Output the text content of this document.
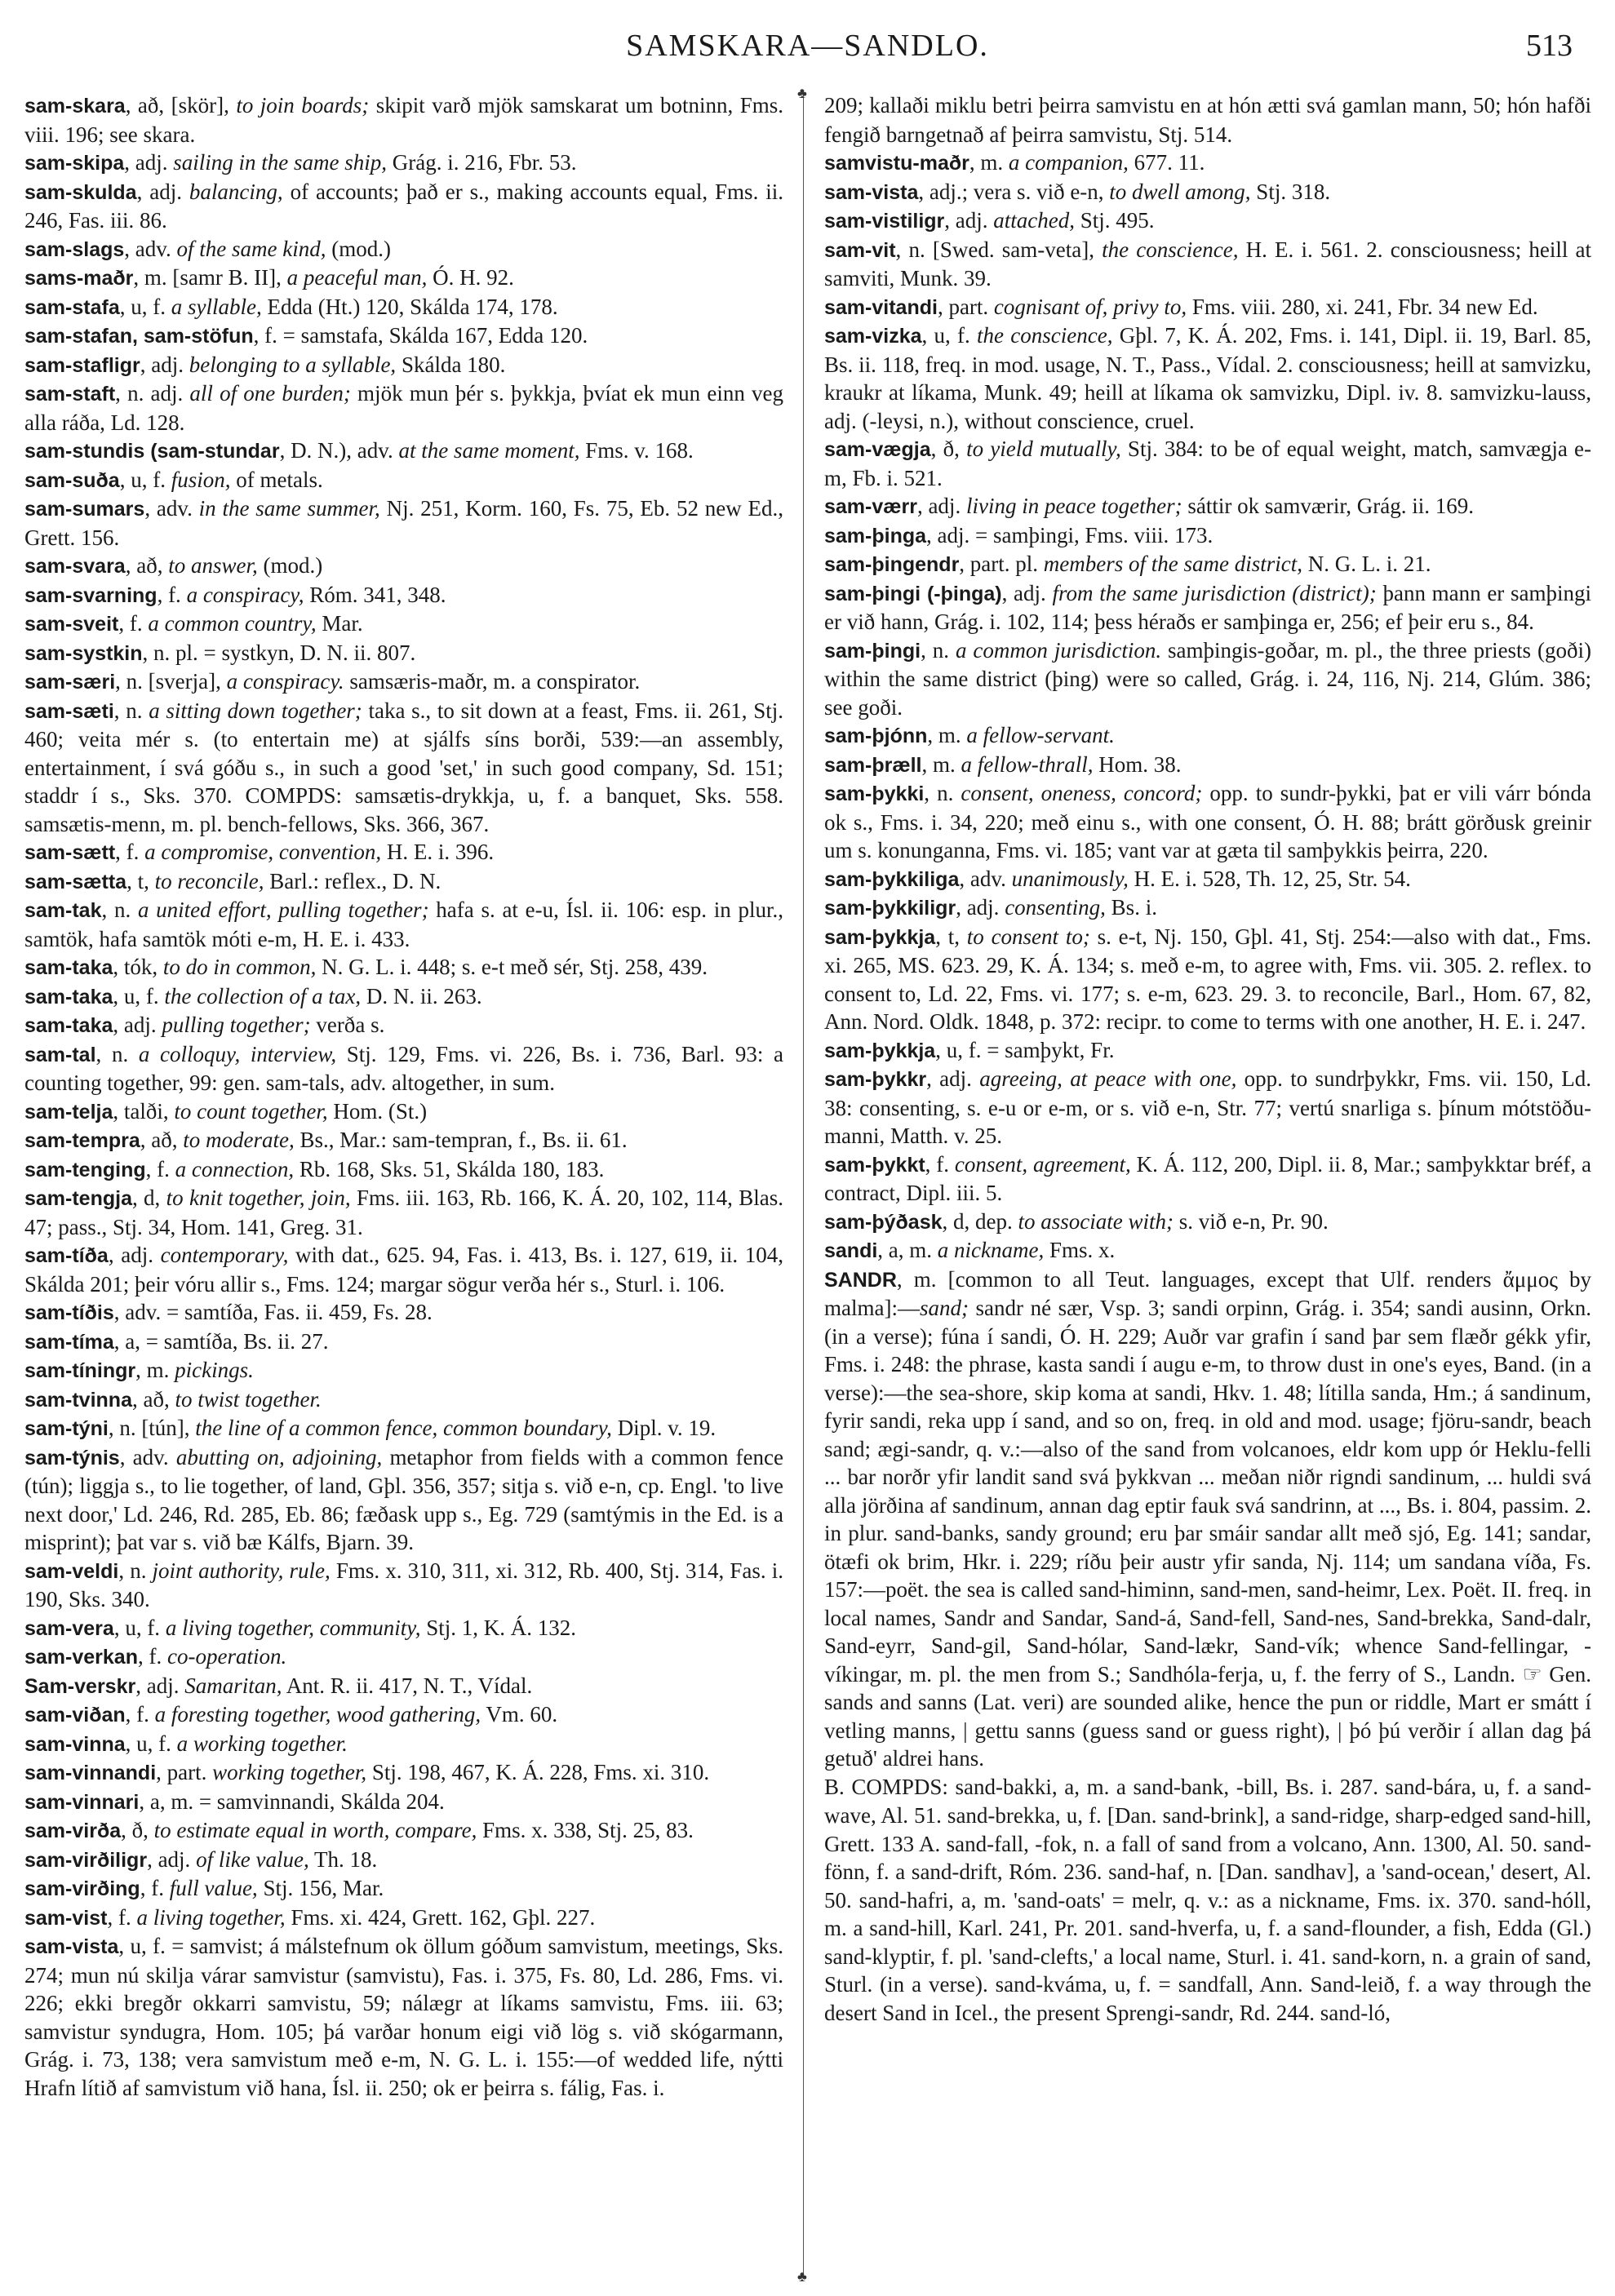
SAMSKARA—SANDLO.	513
♣
♣

sam-skara, að, [skör], to join boards; skipit varð mjök samskarat um botninn, Fms. viii. 196; see skara.

sam-skipa, adj. sailing in the same ship, Grág. i. 216, Fbr. 53.

sam-skulda, adj. balancing, of accounts; það er s., making accounts equal, Fms. ii. 246, Fas. iii. 86.

sam-slags, adv. of the same kind, (mod.)

sams-maðr, m. [samr B. II], a peaceful man, Ó. H. 92.

sam-stafa, u, f. a syllable, Edda (Ht.) 120, Skálda 174, 178.

sam-stafan, sam-stöfun, f. = samstafa, Skálda 167, Edda 120.

sam-stafligr, adj. belonging to a syllable, Skálda 180.

sam-staft, n. adj. all of one burden; mjök mun þér s. þykkja, þvíat ek mun einn veg alla ráða, Ld. 128.

sam-stundis (sam-stundar, D. N.), adv. at the same moment, Fms. v. 168.

sam-suða, u, f. fusion, of metals.

sam-sumars, adv. in the same summer, Nj. 251, Korm. 160, Fs. 75, Eb. 52 new Ed., Grett. 156.

sam-svara, að, to answer, (mod.)

sam-svarning, f. a conspiracy, Róm. 341, 348.

sam-sveit, f. a common country, Mar.

sam-systkin, n. pl. = systkyn, D. N. ii. 807.

sam-særi, n. [sverja], a conspiracy. samsæris-maðr, m. a conspirator.

sam-sæti, n. a sitting down together; taka s., to sit down at a feast, Fms. ii. 261, Stj. 460; veita mér s. (to entertain me) at sjálfs síns borði, 539:—an assembly, entertainment, í svá góðu s., in such a good 'set,' in such good company, Sd. 151; staddr í s., Sks. 370. COMPDS: samsætis-drykkja, u, f. a banquet, Sks. 558. samsætis-menn, m. pl. bench-fellows, Sks. 366, 367.

sam-sætt, f. a compromise, convention, H. E. i. 396.

sam-sætta, t, to reconcile, Barl.: reflex., D. N.

sam-tak, n. a united effort, pulling together; hafa s. at e-u, Ísl. ii. 106: esp. in plur., samtök, hafa samtök móti e-m, H. E. i. 433.

sam-taka, tók, to do in common, N. G. L. i. 448; s. e-t með sér, Stj. 258, 439.

sam-taka, u, f. the collection of a tax, D. N. ii. 263.

sam-taka, adj. pulling together; verða s.

sam-tal, n. a colloquy, interview, Stj. 129, Fms. vi. 226, Bs. i. 736, Barl. 93: a counting together, 99: gen. sam-tals, adv. altogether, in sum.

sam-telja, talði, to count together, Hom. (St.)

sam-tempra, að, to moderate, Bs., Mar.: sam-tempran, f., Bs. ii. 61.

sam-tenging, f. a connection, Rb. 168, Sks. 51, Skálda 180, 183.

sam-tengja, d, to knit together, join, Fms. iii. 163, Rb. 166, K. Á. 20, 102, 114, Blas. 47; pass., Stj. 34, Hom. 141, Greg. 31.

sam-tíða, adj. contemporary, with dat., 625. 94, Fas. i. 413, Bs. i. 127, 619, ii. 104, Skálda 201; þeir vóru allir s., Fms. 124; margar sögur verða hér s., Sturl. i. 106.

sam-tíðis, adv. = samtíða, Fas. ii. 459, Fs. 28.

sam-tíma, a, = samtíða, Bs. ii. 27.

sam-tíningr, m. pickings.

sam-tvinna, að, to twist together.

sam-týni, n. [tún], the line of a common fence, common boundary, Dipl. v. 19.

sam-týnis, adv. abutting on, adjoining, metaphor from fields with a common fence (tún); liggja s., to lie together, of land, Gþl. 356, 357; sitja s. við e-n, cp. Engl. 'to live next door,' Ld. 246, Rd. 285, Eb. 86; fæðask upp s., Eg. 729 (samtýmis in the Ed. is a misprint); þat var s. við bæ Kálfs, Bjarn. 39.

sam-veldi, n. joint authority, rule, Fms. x. 310, 311, xi. 312, Rb. 400, Stj. 314, Fas. i. 190, Sks. 340.

sam-vera, u, f. a living together, community, Stj. 1, K. Á. 132.

sam-verkan, f. co-operation.

Sam-verskr, adj. Samaritan, Ant. R. ii. 417, N. T., Vídal.

sam-viðan, f. a foresting together, wood gathering, Vm. 60.

sam-vinna, u, f. a working together.

sam-vinnandi, part. working together, Stj. 198, 467, K. Á. 228, Fms. xi. 310.

sam-vinnari, a, m. = samvinnandi, Skálda 204.

sam-virða, ð, to estimate equal in worth, compare, Fms. x. 338, Stj. 25, 83.

sam-virðiligr, adj. of like value, Th. 18.

sam-virðing, f. full value, Stj. 156, Mar.

sam-vist, f. a living together, Fms. xi. 424, Grett. 162, Gþl. 227.

sam-vista, u, f. = samvist; á málstefnum ok öllum góðum samvistum, meetings, Sks. 274; mun nú skilja várar samvistur (samvistu), Fas. i. 375, Fs. 80, Ld. 286, Fms. vi. 226; ekki bregðr okkarri samvistu, 59; nálægr at líkams samvistu, Fms. iii. 63; samvistur syndugra, Hom. 105; þá varðar honum eigi við lög s. við skógarmann, Grág. i. 73, 138; vera samvistum með e-m, N. G. L. i. 155:—of wedded life, nýtti Hrafn lítið af samvistum við hana, Ísl. ii. 250; ok er þeirra s. fálig, Fas. i.

209; kallaði miklu betri þeirra samvistu en at hón ætti svá gamlan mann, 50; hón hafði fengið barngetnað af þeirra samvistu, Stj. 514.

samvistu-maðr, m. a companion, 677. 11.

sam-vista, adj.; vera s. við e-n, to dwell among, Stj. 318.

sam-vistiligr, adj. attached, Stj. 495.

sam-vit, n. [Swed. sam-veta], the conscience, H. E. i. 561. 2. consciousness; heill at samviti, Munk. 39.

sam-vitandi, part. cognisant of, privy to, Fms. viii. 280, xi. 241, Fbr. 34 new Ed.

sam-vizka, u, f. the conscience, Gþl. 7, K. Á. 202, Fms. i. 141, Dipl. ii. 19, Barl. 85, Bs. ii. 118, freq. in mod. usage, N. T., Pass., Vídal. 2. consciousness; heill at samvizku, kraukr at líkama, Munk. 49; heill at líkama ok samvizku, Dipl. iv. 8. samvizku-lauss, adj. (-leysi, n.), without conscience, cruel.

sam-vægja, ð, to yield mutually, Stj. 384: to be of equal weight, match, samvægja e-m, Fb. i. 521.

sam-værr, adj. living in peace together; sáttir ok samværir, Grág. ii. 169.

sam-þinga, adj. = samþingi, Fms. viii. 173.

sam-þingendr, part. pl. members of the same district, N. G. L. i. 21.

sam-þingi (-þinga), adj. from the same jurisdiction (district); þann mann er samþingi er við hann, Grág. i. 102, 114; þess héraðs er samþinga er, 256; ef þeir eru s., 84.

sam-þingi, n. a common jurisdiction. samþingis-goðar, m. pl., the three priests (goði) within the same district (þing) were so called, Grág. i. 24, 116, Nj. 214, Glúm. 386; see goði.

sam-þjónn, m. a fellow-servant.

sam-þræll, m. a fellow-thrall, Hom. 38.

sam-þykki, n. consent, oneness, concord; opp. to sundr-þykki, þat er vili várr bónda ok s., Fms. i. 34, 220; með einu s., with one consent, Ó. H. 88; brátt görðusk greinir um s. konunganna, Fms. vi. 185; vant var at gæta til samþykkis þeirra, 220.

sam-þykkiliga, adv. unanimously, H. E. i. 528, Th. 12, 25, Str. 54.

sam-þykkiligr, adj. consenting, Bs. i.

sam-þykkja, t, to consent to; s. e-t, Nj. 150, Gþl. 41, Stj. 254:—also with dat., Fms. xi. 265, MS. 623. 29, K. Á. 134; s. með e-m, to agree with, Fms. vii. 305. 2. reflex. to consent to, Ld. 22, Fms. vi. 177; s. e-m, 623. 29. 3. to reconcile, Barl., Hom. 67, 82, Ann. Nord. Oldk. 1848, p. 372: recipr. to come to terms with one another, H. E. i. 247.

sam-þykkja, u, f. = samþykt, Fr.

sam-þykkr, adj. agreeing, at peace with one, opp. to sundrþykkr, Fms. vii. 150, Ld. 38: consenting, s. e-u or e-m, or s. við e-n, Str. 77; vertú snarliga s. þínum mótstöðu-manni, Matth. v. 25.

sam-þykkt, f. consent, agreement, K. Á. 112, 200, Dipl. ii. 8, Mar.; samþykktar bréf, a contract, Dipl. iii. 5.

sam-þýðask, d, dep. to associate with; s. við e-n, Pr. 90.

sandi, a, m. a nickname, Fms. x.

SANDR, m. [common to all Teut. languages, except that Ulf. renders ἄμμος by malma]:—sand; sandr né sær, Vsp. 3; sandi orpinn, Grág. i. 354; sandi ausinn, Orkn. (in a verse); fúna í sandi, Ó. H. 229; Auðr var grafin í sand þar sem flæðr gékk yfir, Fms. i. 248: the phrase, kasta sandi í augu e-m, to throw dust in one's eyes, Band. (in a verse):—the sea-shore, skip koma at sandi, Hkv. 1. 48; lítilla sanda, Hm.; á sandinum, fyrir sandi, reka upp í sand, and so on, freq. in old and mod. usage; fjöru-sandr, beach sand; ægi-sandr, q. v.:—also of the sand from volcanoes, eldr kom upp ór Heklu-felli ... bar norðr yfir landit sand svá þykkvan ... meðan niðr rigndi sandinum, ... huldi svá alla jörðina af sandinum, annan dag eptir fauk svá sandrinn, at ..., Bs. i. 804, passim. 2. in plur. sand-banks, sandy ground; eru þar smáir sandar allt með sjó, Eg. 141; sandar, ötæfi ok brim, Hkr. i. 229; ríðu þeir austr yfir sanda, Nj. 114; um sandana víða, Fs. 157:—poët. the sea is called sand-himinn, sand-men, sand-heimr, Lex. Poët. II. freq. in local names, Sandr and Sandar, Sand-á, Sand-fell, Sand-nes, Sand-brekka, Sand-dalr, Sand-eyrr, Sand-gil, Sand-hólar, Sand-lækr, Sand-vík; whence Sand-fellingar, -víkingar, m. pl. the men from S.; Sandhóla-ferja, u, f. the ferry of S., Landn. ☞ Gen. sands and sanns (Lat. veri) are sounded alike, hence the pun or riddle, Mart er smátt í vetling manns, | gettu sanns (guess sand or guess right), | þó þú verðir í allan dag þá getuð' aldrei hans.

B. COMPDS: sand-bakki, a, m. a sand-bank, -bill, Bs. i. 287. sand-bára, u, f. a sand-wave, Al. 51. sand-brekka, u, f. [Dan. sand-brink], a sand-ridge, sharp-edged sand-hill, Grett. 133 A. sand-fall, -fok, n. a fall of sand from a volcano, Ann. 1300, Al. 50. sand-fönn, f. a sand-drift, Róm. 236. sand-haf, n. [Dan. sandhav], a 'sand-ocean,' desert, Al. 50. sand-hafri, a, m. 'sand-oats' = melr, q. v.: as a nickname, Fms. ix. 370. sand-hóll, m. a sand-hill, Karl. 241, Pr. 201. sand-hverfa, u, f. a sand-flounder, a fish, Edda (Gl.) sand-klyptir, f. pl. 'sand-clefts,' a local name, Sturl. i. 41. sand-korn, n. a grain of sand, Sturl. (in a verse). sand-kváma, u, f. = sandfall, Ann. Sand-leið, f. a way through the desert Sand in Icel., the present Sprengi-sandr, Rd. 244. sand-ló,
